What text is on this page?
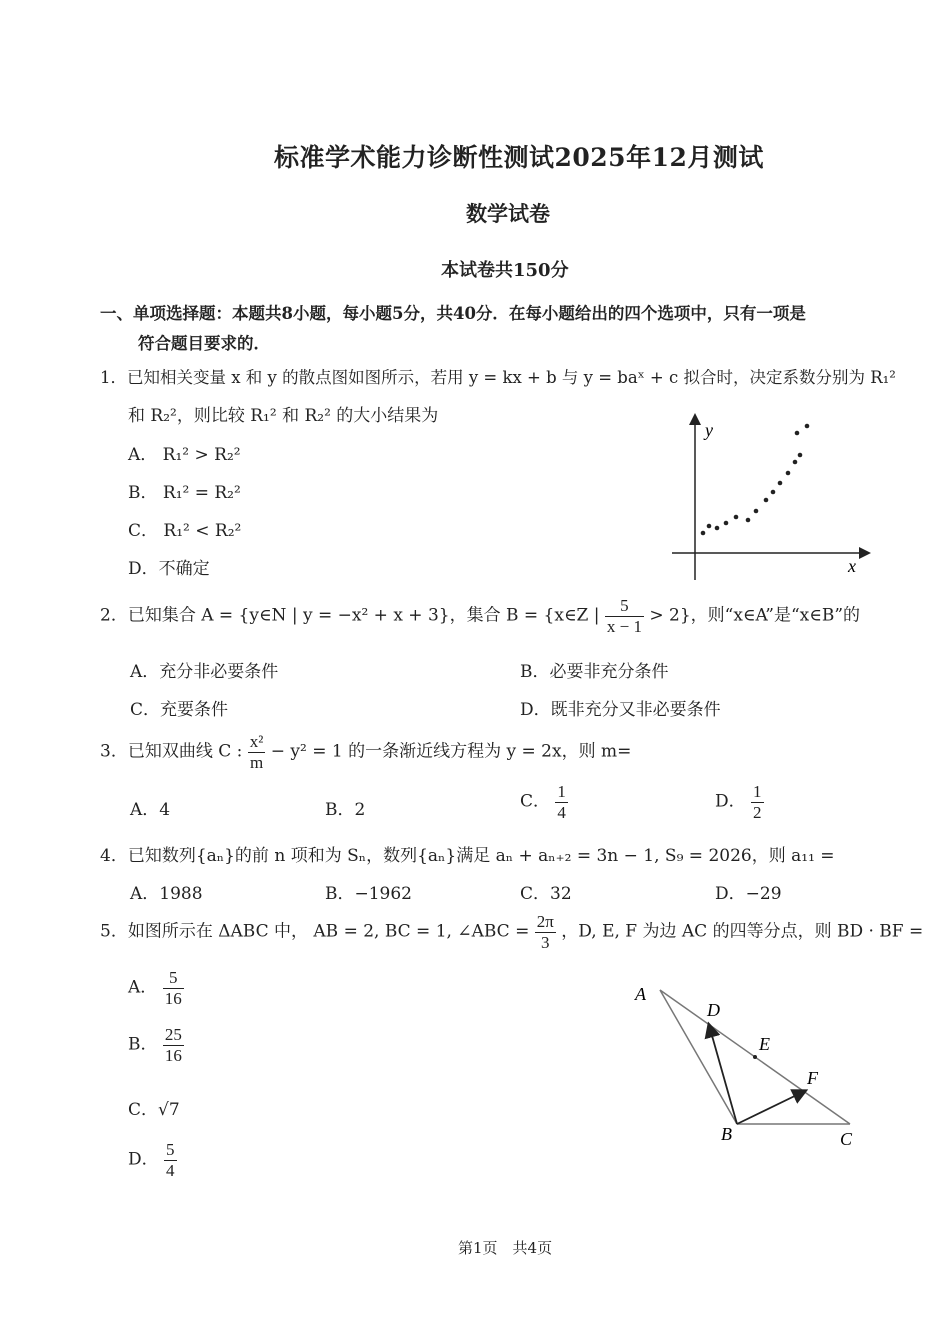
标准学术能力诊断性测试2025年12月测试
数学试卷
本试卷共150分
一、单项选择题：本题共8小题，每小题5分，共40分．在每小题给出的四个选项中，只有一项是
符合题目要求的．
1．已知相关变量 x 和 y 的散点图如图所示，若用 y = kx + b 与 y = baˣ + c 拟合时，决定系数分别为 R₁²
和 R₂²，则比较 R₁² 和 R₂² 的大小结果为
A． R₁² > R₂²
B． R₁² = R₂²
C． R₁² < R₂²
D．不确定
y
x
2．已知集合 A = {y∈N | y = −x² + x + 3}，集合 B = {x∈Z | $\frac{5}{x - 1} > 2$}，则“x∈A”是“x∈B”的
A．充分非必要条件	B．必要非充分条件
C．充要条件	D．既非充分又非必要条件
3．已知双曲线 C : $\frac{\text{x²}}{m} - y^2 = 1$ 的一条渐近线方程为 y = 2x，则 m=
A．4	B．2	C． $\frac{1}{4}$	D． $\frac{1}{2}$
4．已知数列{aₙ}的前 n 项和为 Sₙ，数列{aₙ}满足 aₙ + aₙ₊₂ = 3n − 1, S₉ = 2026，则 a₁₁ =
A．1988	B．−1962	C．32	D．−29
5．如图所示在 ΔABC 中， AB = 2, BC = 1, ∠ABC = $\frac{2\pi}{3}$ ，D, E, F 为边 AC 的四等分点，则 BD · BF =
A． $\frac{5}{16}$
B． $\frac{25}{16}$
C．√7
D． $\frac{5}{4}$
A
D
E
F
B	C
第1页　共4页
